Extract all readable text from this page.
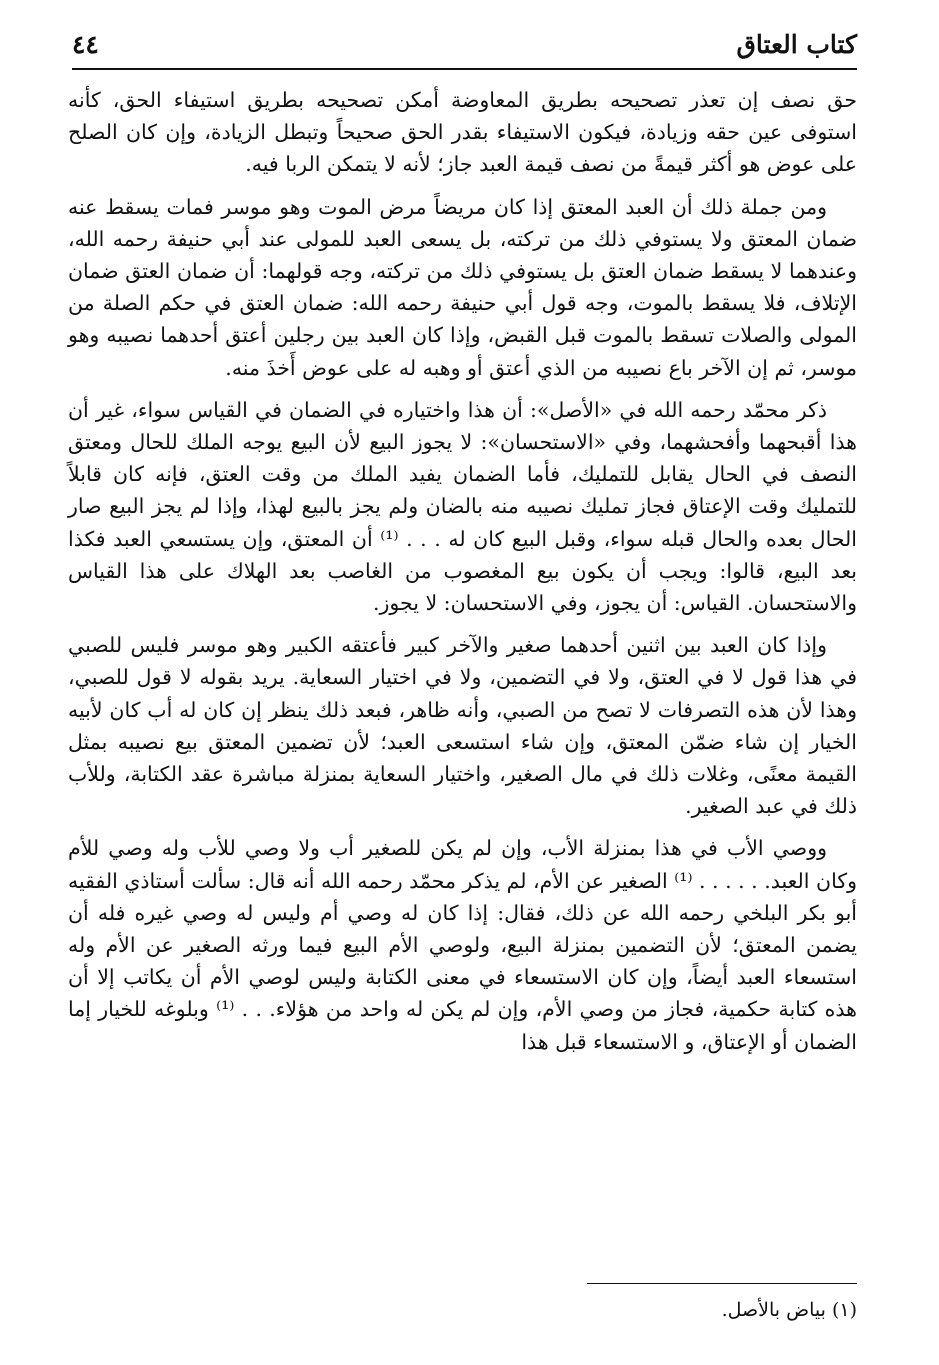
كتاب العتاق
٤٤

حق نصف إن تعذر تصحيحه بطريق المعاوضة أمكن تصحيحه بطريق استيفاء الحق، كأنه استوفى عين حقه وزيادة، فيكون الاستيفاء بقدر الحق صحيحاً وتبطل الزيادة، وإن كان الصلح على عوض هو أكثر قيمةً من نصف قيمة العبد جاز؛ لأنه لا يتمكن الربا فيه.

ومن جملة ذلك أن العبد المعتق إذا كان مريضاً مرض الموت وهو موسر فمات يسقط عنه ضمان المعتق ولا يستوفي ذلك من تركته، بل يسعى العبد للمولى عند أبي حنيفة رحمه الله، وعندهما لا يسقط ضمان العتق بل يستوفي ذلك من تركته، وجه قولهما: أن ضمان العتق ضمان الإتلاف، فلا يسقط بالموت، وجه قول أبي حنيفة رحمه الله: ضمان العتق في حكم الصلة من المولى والصلات تسقط بالموت قبل القبض، وإذا كان العبد بين رجلين أعتق أحدهما نصيبه وهو موسر، ثم إن الآخر باع نصيبه من الذي أعتق أو وهبه له على عوض أَخذَ منه.

ذكر محمّد رحمه الله في «الأصل»: أن هذا واختياره في الضمان في القياس سواء، غير أن هذا أقبحهما وأفحشهما، وفي «الاستحسان»: لا يجوز البيع لأن البيع يوجه الملك للحال ومعتق النصف في الحال يقابل للتمليك، فأما الضمان يفيد الملك من وقت العتق، فإنه كان قابلاً للتمليك وقت الإعتاق فجاز تمليك نصيبه منه بالضان ولم يجز بالبيع لهذا، وإذا لم يجز البيع صار الحال بعده والحال قبله سواء، وقبل البيع كان له . . . ⁽¹⁾ أن المعتق، وإن يستسعي العبد فكذا بعد البيع، قالوا: ويجب أن يكون بيع المغصوب من الغاصب بعد الهلاك على هذا القياس والاستحسان. القياس: أن يجوز، وفي الاستحسان: لا يجوز.

وإذا كان العبد بين اثنين أحدهما صغير والآخر كبير فأعتقه الكبير وهو موسر فليس للصبي في هذا قول لا في العتق، ولا في التضمين، ولا في اختيار السعاية. يريد بقوله لا قول للصبي، وهذا لأن هذه التصرفات لا تصح من الصبي، وأنه ظاهر، فبعد ذلك ينظر إن كان له أب كان لأبيه الخيار إن شاء ضمّن المعتق، وإن شاء استسعى العبد؛ لأن تضمين المعتق بيع نصيبه بمثل القيمة معنًى، وغلات ذلك في مال الصغير، واختيار السعاية بمنزلة مباشرة عقد الكتابة، وللأب ذلك في عبد الصغير.

ووصي الأب في هذا بمنزلة الأب، وإن لم يكن للصغير أب ولا وصي للأب وله وصي للأم وكان العبد. . . . . . ⁽¹⁾ الصغير عن الأم، لم يذكر محمّد رحمه الله أنه قال: سألت أستاذي الفقيه أبو بكر البلخي رحمه الله عن ذلك، فقال: إذا كان له وصي أم وليس له وصي غيره فله أن يضمن المعتق؛ لأن التضمين بمنزلة البيع، ولوصي الأم البيع فيما ورثه الصغير عن الأم وله استسعاء العبد أيضاً، وإن كان الاستسعاء في معنى الكتابة وليس لوصي الأم أن يكاتب إلا أن هذه كتابة حكمية، فجاز من وصي الأم، وإن لم يكن له واحد من هؤلاء. . . ⁽¹⁾ وبلوغه للخيار إما الضمان أو الإعتاق، و الاستسعاء قبل هذا

(١) بياض بالأصل.
